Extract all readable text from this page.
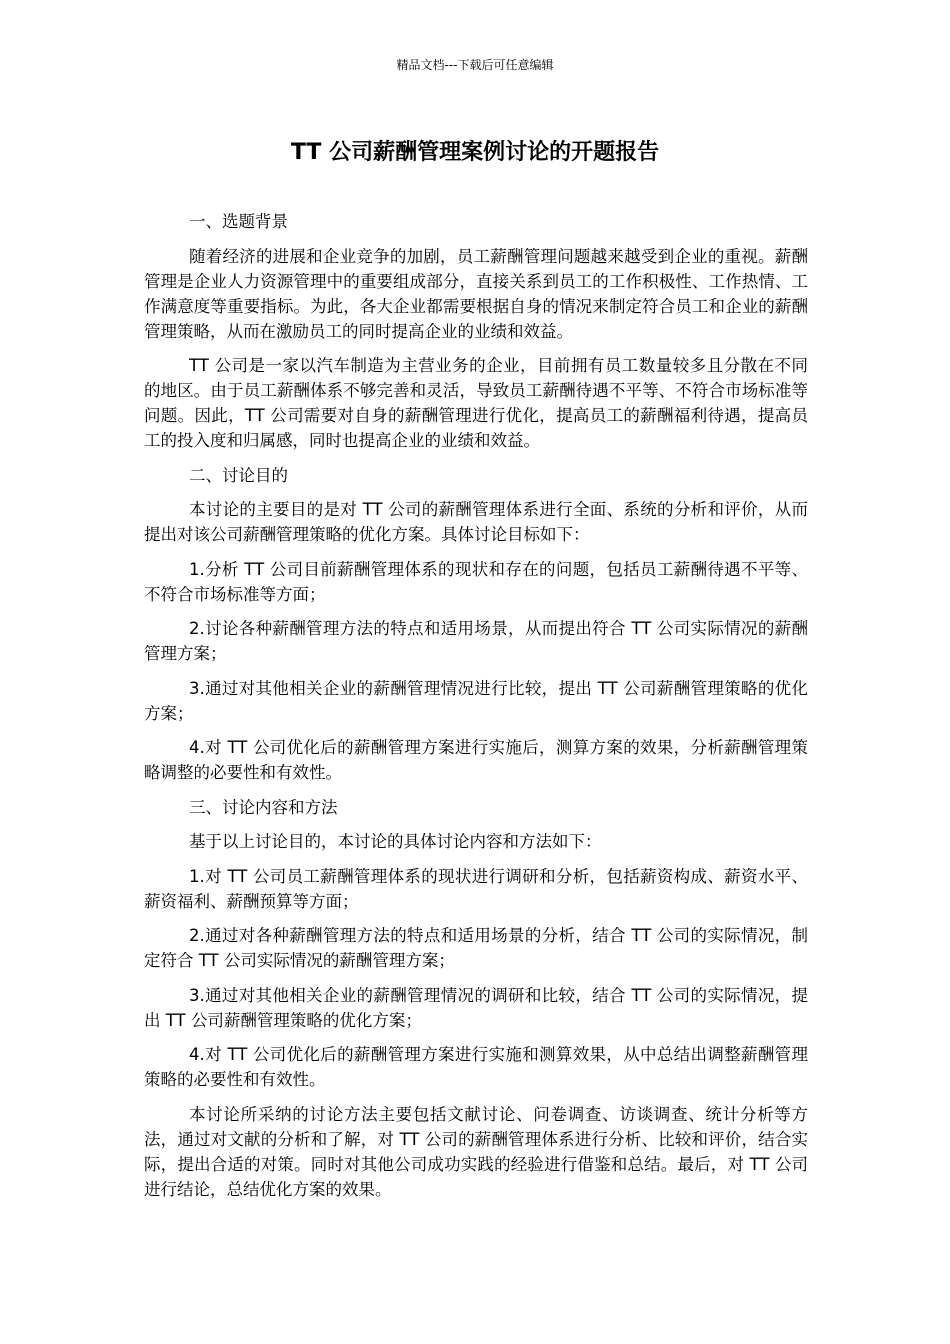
精品文档---下载后可任意编辑
TT 公司薪酬管理案例讨论的开题报告

一、选题背景

随着经济的进展和企业竞争的加剧，员工薪酬管理问题越来越受到企业的重视。薪酬管理是企业人力资源管理中的重要组成部分，直接关系到员工的工作积极性、工作热情、工作满意度等重要指标。为此，各大企业都需要根据自身的情况来制定符合员工和企业的薪酬管理策略，从而在激励员工的同时提高企业的业绩和效益。

TT 公司是一家以汽车制造为主营业务的企业，目前拥有员工数量较多且分散在不同的地区。由于员工薪酬体系不够完善和灵活，导致员工薪酬待遇不平等、不符合市场标准等问题。因此，TT 公司需要对自身的薪酬管理进行优化，提高员工的薪酬福利待遇，提高员工的投入度和归属感，同时也提高企业的业绩和效益。

二、讨论目的

本讨论的主要目的是对 TT 公司的薪酬管理体系进行全面、系统的分析和评价，从而提出对该公司薪酬管理策略的优化方案。具体讨论目标如下：

1.分析 TT 公司目前薪酬管理体系的现状和存在的问题，包括员工薪酬待遇不平等、不符合市场标准等方面；

2.讨论各种薪酬管理方法的特点和适用场景，从而提出符合 TT 公司实际情况的薪酬管理方案；

3.通过对其他相关企业的薪酬管理情况进行比较，提出 TT 公司薪酬管理策略的优化方案；

4.对 TT 公司优化后的薪酬管理方案进行实施后，测算方案的效果，分析薪酬管理策略调整的必要性和有效性。

三、讨论内容和方法

基于以上讨论目的，本讨论的具体讨论内容和方法如下：

1.对 TT 公司员工薪酬管理体系的现状进行调研和分析，包括薪资构成、薪资水平、薪资福利、薪酬预算等方面；

2.通过对各种薪酬管理方法的特点和适用场景的分析，结合 TT 公司的实际情况，制定符合 TT 公司实际情况的薪酬管理方案；

3.通过对其他相关企业的薪酬管理情况的调研和比较，结合 TT 公司的实际情况，提出 TT 公司薪酬管理策略的优化方案；

4.对 TT 公司优化后的薪酬管理方案进行实施和测算效果，从中总结出调整薪酬管理策略的必要性和有效性。

本讨论所采纳的讨论方法主要包括文献讨论、问卷调查、访谈调查、统计分析等方法，通过对文献的分析和了解，对 TT 公司的薪酬管理体系进行分析、比较和评价，结合实际，提出合适的对策。同时对其他公司成功实践的经验进行借鉴和总结。最后，对 TT 公司进行结论，总结优化方案的效果。
